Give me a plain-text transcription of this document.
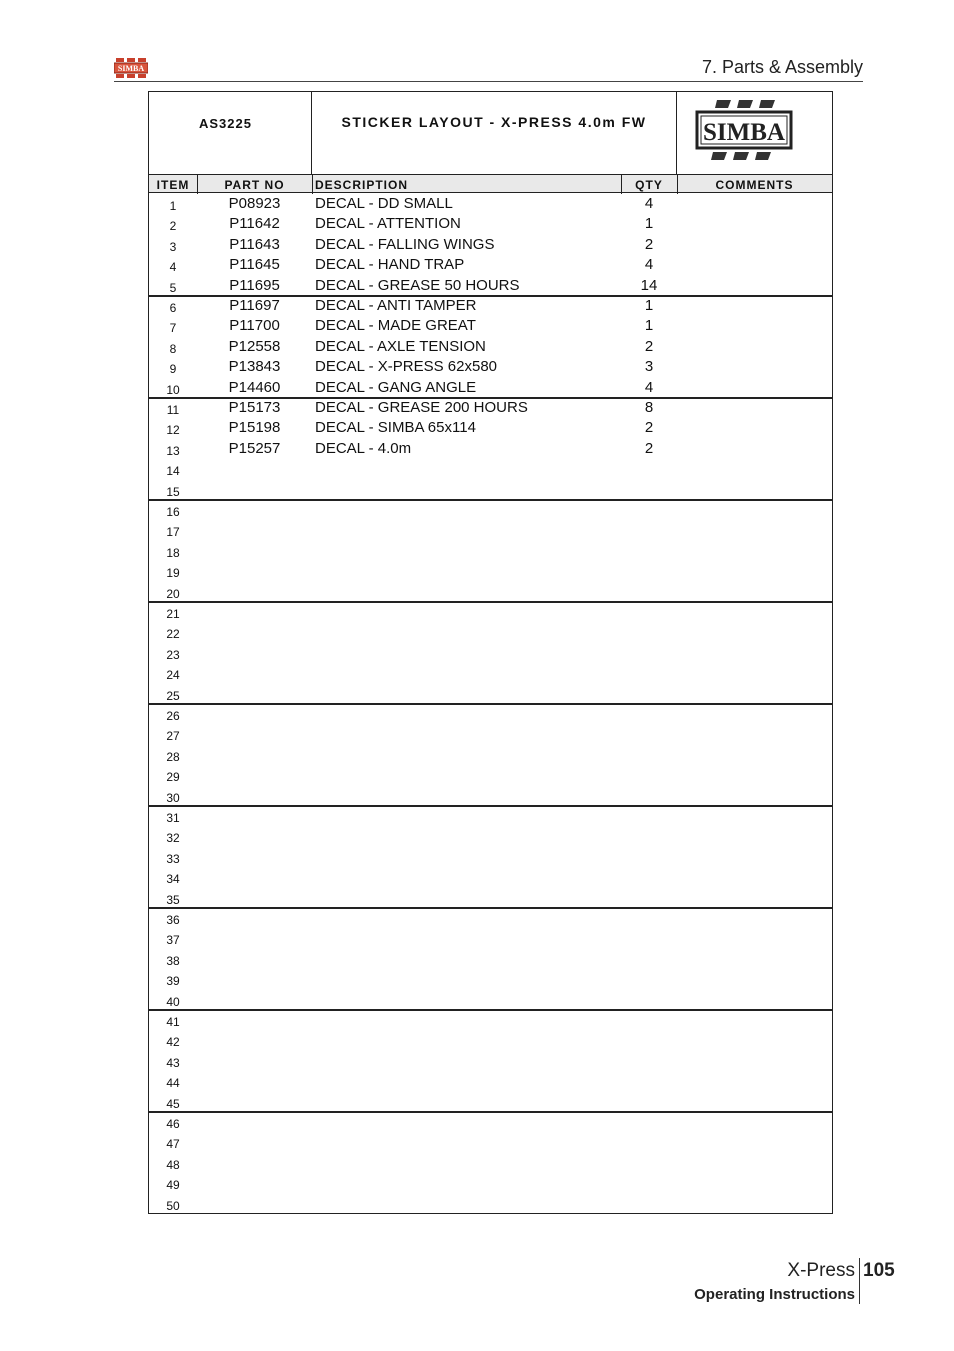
SIMBA	7. Parts & Assembly
AS3225	STICKER LAYOUT - X-PRESS 4.0m FW	SIMBA
ITEM	PART NO	DESCRIPTION	QTY	COMMENTS
1	P08923	DECAL - DD SMALL	4
2	P11642	DECAL - ATTENTION	1
3	P11643	DECAL - FALLING WINGS	2
4	P11645	DECAL - HAND TRAP	4
5	P11695	DECAL - GREASE 50 HOURS	14
6	P11697	DECAL - ANTI TAMPER	1
7	P11700	DECAL - MADE GREAT	1
8	P12558	DECAL - AXLE TENSION	2
9	P13843	DECAL - X-PRESS 62x580	3
10	P14460	DECAL - GANG ANGLE	4
11	P15173	DECAL - GREASE 200 HOURS	8
12	P15198	DECAL - SIMBA 65x114	2
13	P15257	DECAL - 4.0m	2
14
15
16
17
18
19
20
21
22
23
24
25
26
27
28
29
30
31
32
33
34
35
36
37
38
39
40
41
42
43
44
45
46
47
48
49
50
X-Press 105
Operating Instructions
